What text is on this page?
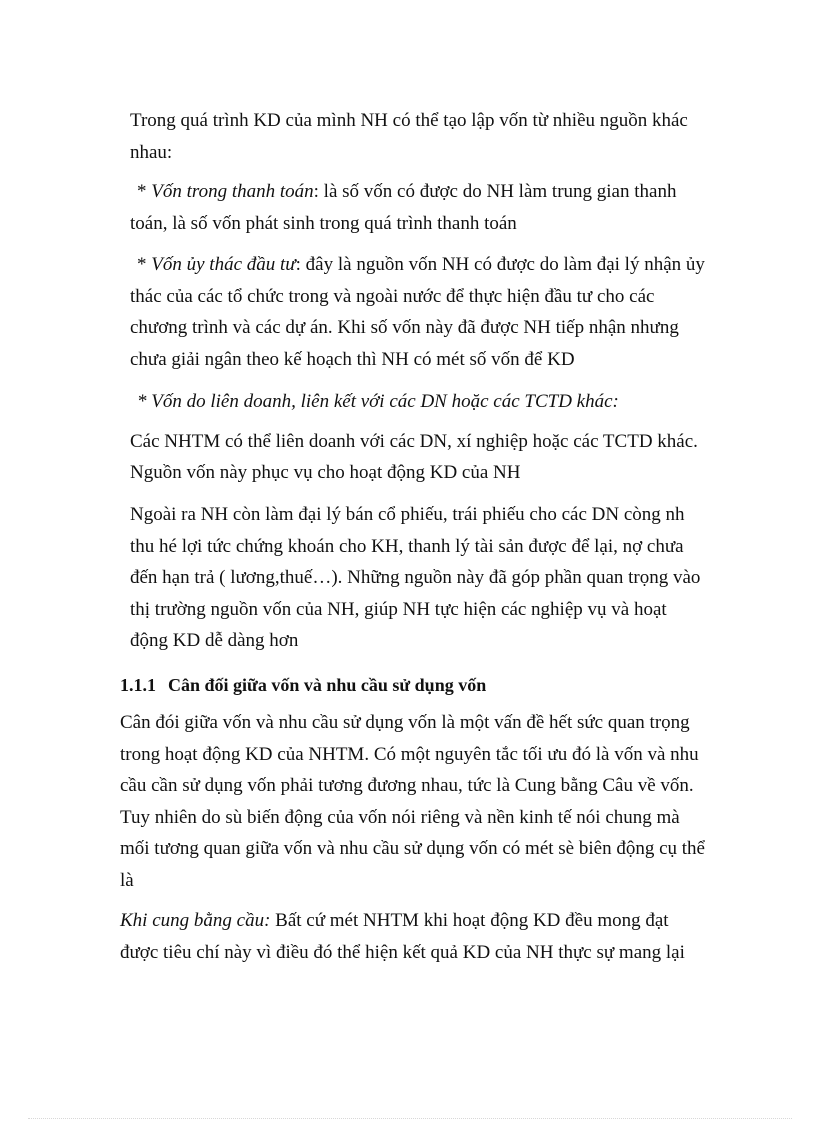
Trong quá trình KD của mình NH có thể tạo lập vốn từ nhiều nguồn khác
nhau:
* Vốn trong thanh toán: là số vốn có được do NH làm trung gian thanh
toán, là số vốn phát sinh trong quá trình thanh toán
* Vốn ủy thác đầu tư: đây là nguồn vốn NH có được do làm đại lý nhận ủy
thác của các tổ chức trong và ngoài nước để thực hiện đầu tư cho các
chương trình và các dự án. Khi số vốn này đã được NH tiếp nhận nhưng
chưa giải ngân theo kế hoạch thì NH có mét số vốn để KD
* Vốn do liên doanh, liên kết với các DN hoặc các TCTD khác:
Các NHTM có thể liên doanh với các DN, xí nghiệp hoặc các TCTD khác.
Nguồn vốn này phục vụ cho hoạt động KD của NH
Ngoài ra NH còn làm đại lý bán cổ phiếu, trái phiếu cho các DN còng nh
thu hé lợi tức chứng khoán cho KH, thanh lý tài sản được để lại, nợ chưa
đến hạn trả ( lương,thuế…). Những nguồn này đã góp phần quan trọng vào
thị trường nguồn vốn của NH, giúp NH tực hiện các nghiệp vụ và hoạt
động KD dễ dàng hơn
1.1.1 Cân đối giữa vốn và nhu cầu sử dụng vốn
Cân đói giữa vốn và nhu cầu sử dụng vốn là một vấn đề hết sức quan trọng
trong hoạt động KD của NHTM. Có một nguyên tắc tối ưu đó là vốn và nhu
cầu cần sử dụng vốn phải tương đương nhau, tức là Cung bằng Câu về vốn.
Tuy nhiên do sù biến động của vốn nói riêng và nền kinh tế nói chung mà
mối tương quan giữa vốn và nhu cầu sử dụng vốn có mét sè biên động cụ thể
là
Khi cung bằng cầu: Bất cứ mét NHTM khi hoạt động KD đều mong đạt
được tiêu chí này vì điều đó thể hiện kết quả KD của NH thực sự mang lại
